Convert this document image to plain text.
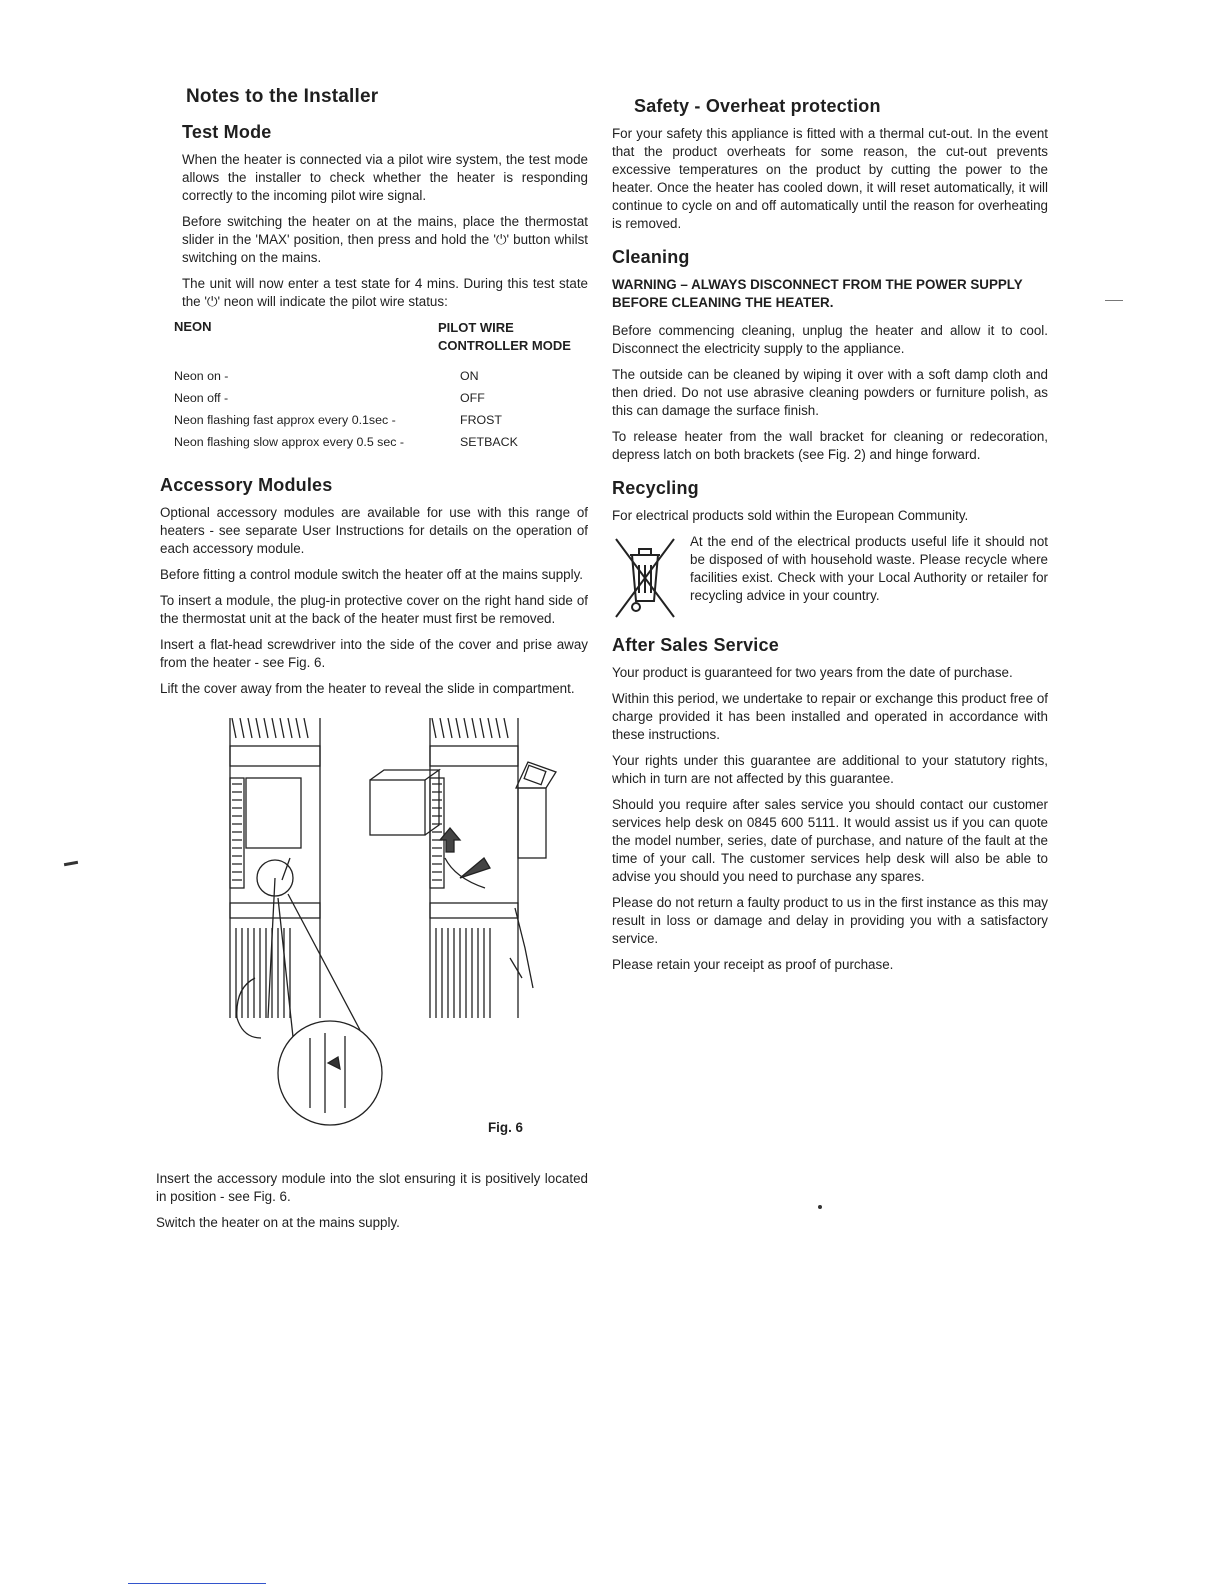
Notes to the Installer
Test Mode

When the heater is connected via a pilot wire system, the test mode allows the installer to check whether the heater is responding correctly to the incoming pilot wire signal.

Before switching the heater on at the mains, place the thermostat slider in the 'MAX' position, then press and hold the '⏻' button whilst switching on the mains.

The unit will now enter a test state for 4 mins. During this test state the '⏻' neon will indicate the pilot wire status:

NEON	PILOT WIRE CONTROLLER MODE
Neon on -	ON
Neon off -	OFF
Neon flashing fast approx every 0.1sec -	FROST
Neon flashing slow approx every 0.5 sec -	SETBACK
Accessory Modules

Optional accessory modules are available for use with this range of heaters - see separate User Instructions for details on the operation of each accessory module.

Before fitting a control module switch the heater off at the mains supply.

To insert a module, the plug-in protective cover on the right hand side of the thermostat unit at the back of the heater must first be removed.

Insert a flat-head screwdriver into the side of the cover and prise away from the heater - see Fig. 6.

Lift the cover away from the heater to reveal the slide in compartment.

Fig. 6

Insert the accessory module into the slot ensuring it is positively located in position - see Fig. 6.

Switch the heater on at the mains supply.

Safety - Overheat protection

For your safety this appliance is fitted with a thermal cut-out. In the event that the product overheats for some reason, the cut-out prevents excessive temperatures on the product by cutting the power to the heater. Once the heater has cooled down, it will reset automatically, it will continue to cycle on and off automatically until the reason for overheating is removed.

Cleaning
WARNING – ALWAYS DISCONNECT FROM THE POWER SUPPLY BEFORE CLEANING THE HEATER.

Before commencing cleaning, unplug the heater and allow it to cool. Disconnect the electricity supply to the appliance.

The outside can be cleaned by wiping it over with a soft damp cloth and then dried. Do not use abrasive cleaning powders or furniture polish, as this can damage the surface finish.

To release heater from the wall bracket for cleaning or redecoration, depress latch on both brackets (see Fig. 2) and hinge forward.

Recycling

For electrical products sold within the European Community.

At the end of the electrical products useful life it should not be disposed of with household waste. Please recycle where facilities exist. Check with your Local Authority or retailer for recycling advice in your country.

After Sales Service

Your product is guaranteed for two years from the date of purchase.

Within this period, we undertake to repair or exchange this product free of charge provided it has been installed and operated in accordance with these instructions.

Your rights under this guarantee are additional to your statutory rights, which in turn are not affected by this guarantee.

Should you require after sales service you should contact our customer services help desk on 0845 600 5111. It would assist us if you can quote the model number, series, date of purchase, and nature of the fault at the time of your call. The customer services help desk will also be able to advise you should you need to purchase any spares.

Please do not return a faulty product to us in the first instance as this may result in loss or damage and delay in providing you with a satisfactory service.

Please retain your receipt as proof of purchase.
